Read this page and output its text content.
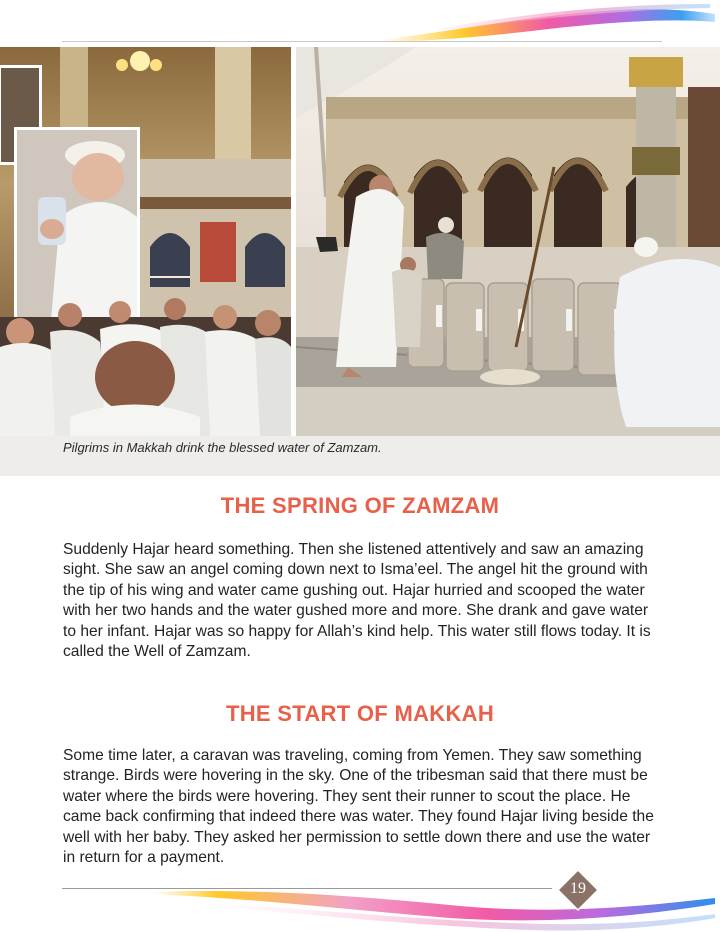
Pilgrims in Makkah drink the blessed water of Zamzam.
THE SPRING OF ZAMZAM
Suddenly Hajar heard something. Then she listened attentively and saw an amazing sight. She saw an angel coming down next to Isma’eel. The angel hit the ground with the tip of his wing and water came gushing out. Hajar hurried and scooped the water with her two hands and the water gushed more and more. She drank and gave water to her infant. Hajar was so happy for Allah’s kind help. This water still flows today. It is called the Well of Zamzam.
THE START OF MAKKAH
Some time later, a caravan was traveling, coming from Yemen. They saw something strange. Birds were hovering in the sky. One of the tribesman said that there must be water where the birds were hovering. They sent their runner to scout the place. He came back confirming that indeed there was water. They found Hajar living beside the well with her baby. They asked her permission to settle down there and use the water in return for a payment.
19
